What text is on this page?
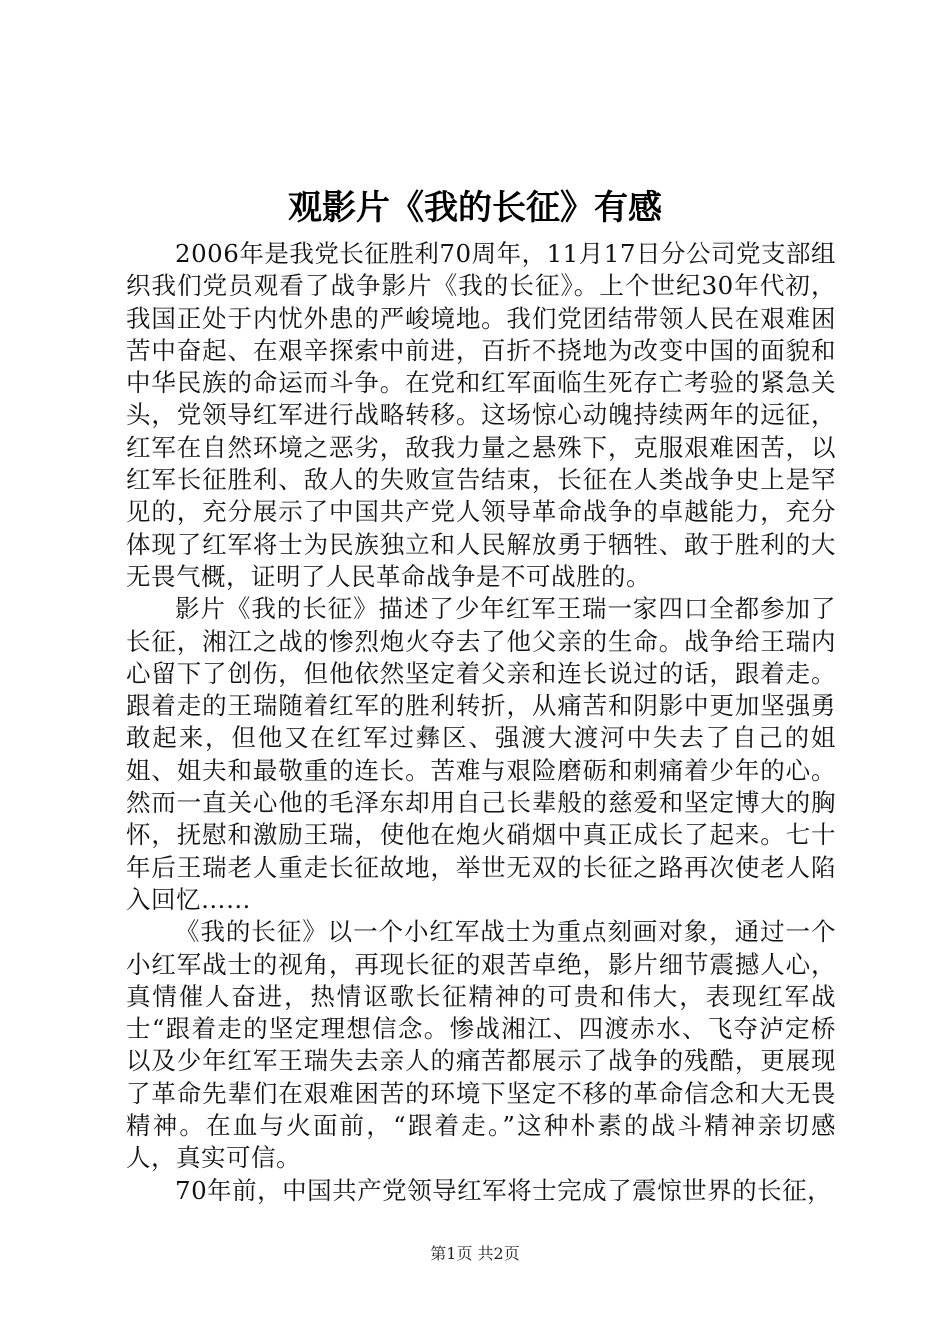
观影片《我的长征》有感

2006年是我党长征胜利70周年，11月17日分公司党支部组织我们党员观看了战争影片《我的长征》。上个世纪30年代初，我国正处于内忧外患的严峻境地。我们党团结带领人民在艰难困苦中奋起、在艰辛探索中前进，百折不挠地为改变中国的面貌和中华民族的命运而斗争。在党和红军面临生死存亡考验的紧急关头，党领导红军进行战略转移。这场惊心动魄持续两年的远征，红军在自然环境之恶劣，敌我力量之悬殊下，克服艰难困苦，以红军长征胜利、敌人的失败宣告结束，长征在人类战争史上是罕见的，充分展示了中国共产党人领导革命战争的卓越能力，充分体现了红军将士为民族独立和人民解放勇于牺牲、敢于胜利的大无畏气概，证明了人民革命战争是不可战胜的。

影片《我的长征》描述了少年红军王瑞一家四口全都参加了长征，湘江之战的惨烈炮火夺去了他父亲的生命。战争给王瑞内心留下了创伤，但他依然坚定着父亲和连长说过的话，跟着走。跟着走的王瑞随着红军的胜利转折，从痛苦和阴影中更加坚强勇敢起来，但他又在红军过彝区、强渡大渡河中失去了自己的姐姐、姐夫和最敬重的连长。苦难与艰险磨砺和刺痛着少年的心。然而一直关心他的毛泽东却用自己长辈般的慈爱和坚定博大的胸怀，抚慰和激励王瑞，使他在炮火硝烟中真正成长了起来。七十年后王瑞老人重走长征故地，举世无双的长征之路再次使老人陷入回忆……

《我的长征》以一个小红军战士为重点刻画对象，通过一个小红军战士的视角，再现长征的艰苦卓绝，影片细节震撼人心，真情催人奋进，热情讴歌长征精神的可贵和伟大，表现红军战士“跟着走的坚定理想信念。惨战湘江、四渡赤水、飞夺泸定桥以及少年红军王瑞失去亲人的痛苦都展示了战争的残酷，更展现了革命先辈们在艰难困苦的环境下坚定不移的革命信念和大无畏精神。在血与火面前，“跟着走。”这种朴素的战斗精神亲切感人，真实可信。

70年前，中国共产党领导红军将士完成了震惊世界的长征，

第1页 共2页
